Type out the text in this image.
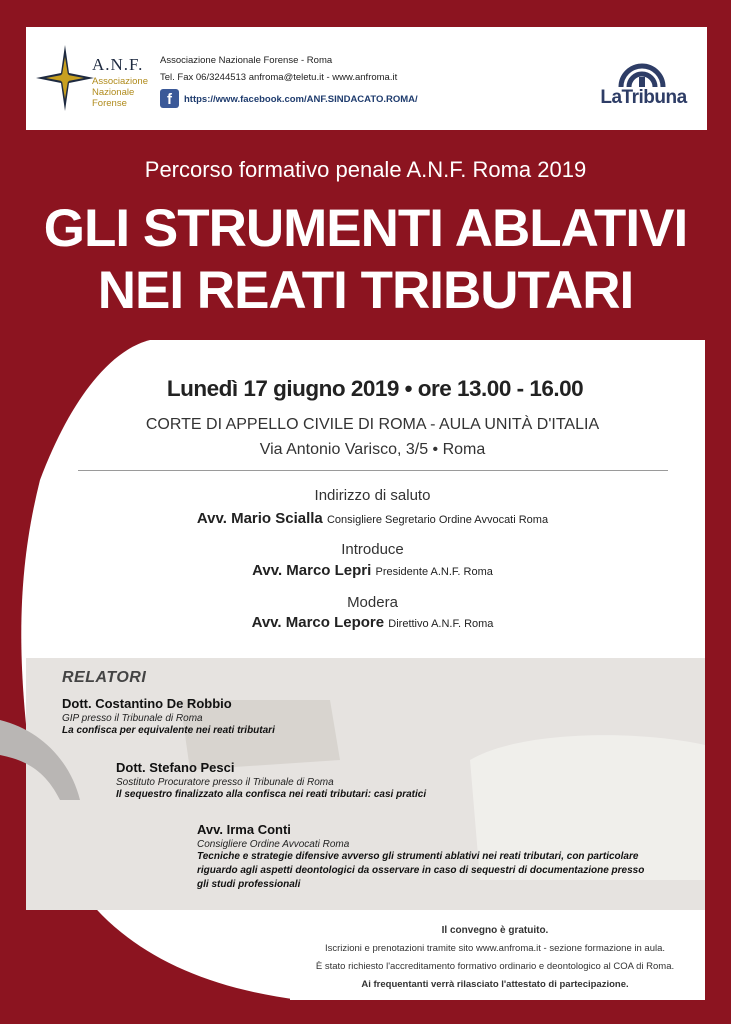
A.N.F.
Associazione
Nazionale
Forense
Associazione Nazionale Forense - Roma
Tel. Fax 06/3244513 anfroma@teletu.it - www.anfroma.it
f	https://www.facebook.com/ANF.SINDACATO.ROMA/	LaTribuna
Percorso formativo penale A.N.F. Roma 2019
GLI STRUMENTI ABLATIVI
NEI REATI TRIBUTARI
Lunedì 17 giugno 2019 • ore 13.00 - 16.00
CORTE DI APPELLO CIVILE DI ROMA - AULA UNITÀ D'ITALIA
Via Antonio Varisco, 3/5 • Roma
Indirizzo di saluto
Avv. Mario Scialla Consigliere Segretario Ordine Avvocati Roma
Introduce
Avv. Marco Lepri Presidente A.N.F. Roma
Modera
Avv. Marco Lepore Direttivo A.N.F. Roma
RELATORI
Dott. Costantino De Robbio
GIP presso il Tribunale di Roma
La confisca per equivalente nei reati tributari
Dott. Stefano Pesci
Sostituto Procuratore presso il Tribunale di Roma
Il sequestro finalizzato alla confisca nei reati tributari: casi pratici
Avv. Irma Conti
Consigliere Ordine Avvocati Roma
Tecniche e strategie difensive avverso gli strumenti ablativi nei reati tributari, con particolare
riguardo agli aspetti deontologici da osservare in caso di sequestri di documentazione presso
gli studi professionali
Il convegno è gratuito.
Iscrizioni e prenotazioni tramite sito www.anfroma.it - sezione formazione in aula.
È stato richiesto l'accreditamento formativo ordinario e deontologico al COA di Roma.
Ai frequentanti verrà rilasciato l'attestato di partecipazione.
